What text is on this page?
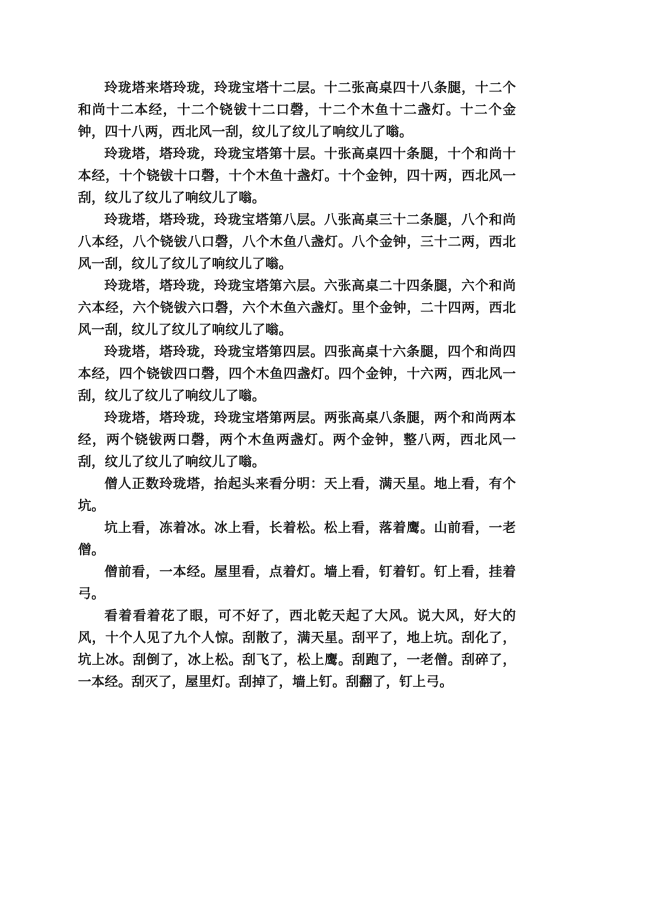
玲珑塔来塔玲珑，玲珑宝塔十二层。十二张高桌四十八条腿，十二个和尚十二本经，十二个铙钹十二口磬，十二个木鱼十二盏灯。十二个金钟，四十八两，西北风一刮，纹儿了纹儿了响纹儿了嗡。

玲珑塔，塔玲珑，玲珑宝塔第十层。十张高桌四十条腿，十个和尚十本经，十个铙钹十口磬，十个木鱼十盏灯。十个金钟，四十两，西北风一刮，纹儿了纹儿了响纹儿了嗡。

玲珑塔，塔玲珑，玲珑宝塔第八层。八张高桌三十二条腿，八个和尚八本经，八个铙钹八口磬，八个木鱼八盏灯。八个金钟，三十二两，西北风一刮，纹儿了纹儿了响纹儿了嗡。

玲珑塔，塔玲珑，玲珑宝塔第六层。六张高桌二十四条腿，六个和尚六本经，六个铙钹六口磬，六个木鱼六盏灯。里个金钟，二十四两，西北风一刮，纹儿了纹儿了响纹儿了嗡。

玲珑塔，塔玲珑，玲珑宝塔第四层。四张高桌十六条腿，四个和尚四本经，四个铙钹四口磬，四个木鱼四盏灯。四个金钟，十六两，西北风一刮，纹儿了纹儿了响纹儿了嗡。

玲珑塔，塔玲珑，玲珑宝塔第两层。两张高桌八条腿，两个和尚两本经，两个铙钹两口磬，两个木鱼两盏灯。两个金钟，整八两，西北风一刮，纹儿了纹儿了响纹儿了嗡。

僧人正数玲珑塔，抬起头来看分明：天上看，满天星。地上看，有个坑。

坑上看，冻着冰。冰上看，长着松。松上看，落着鹰。山前看，一老僧。

僧前看，一本经。屋里看，点着灯。墙上看，钉着钉。钉上看，挂着弓。

看着看着花了眼，可不好了，西北乾天起了大风。说大风，好大的风，十个人见了九个人惊。刮散了，满天星。刮平了，地上坑。刮化了，坑上冰。刮倒了，冰上松。刮飞了，松上鹰。刮跑了，一老僧。刮碎了，一本经。刮灭了，屋里灯。刮掉了，墙上钉。刮翻了，钉上弓。
